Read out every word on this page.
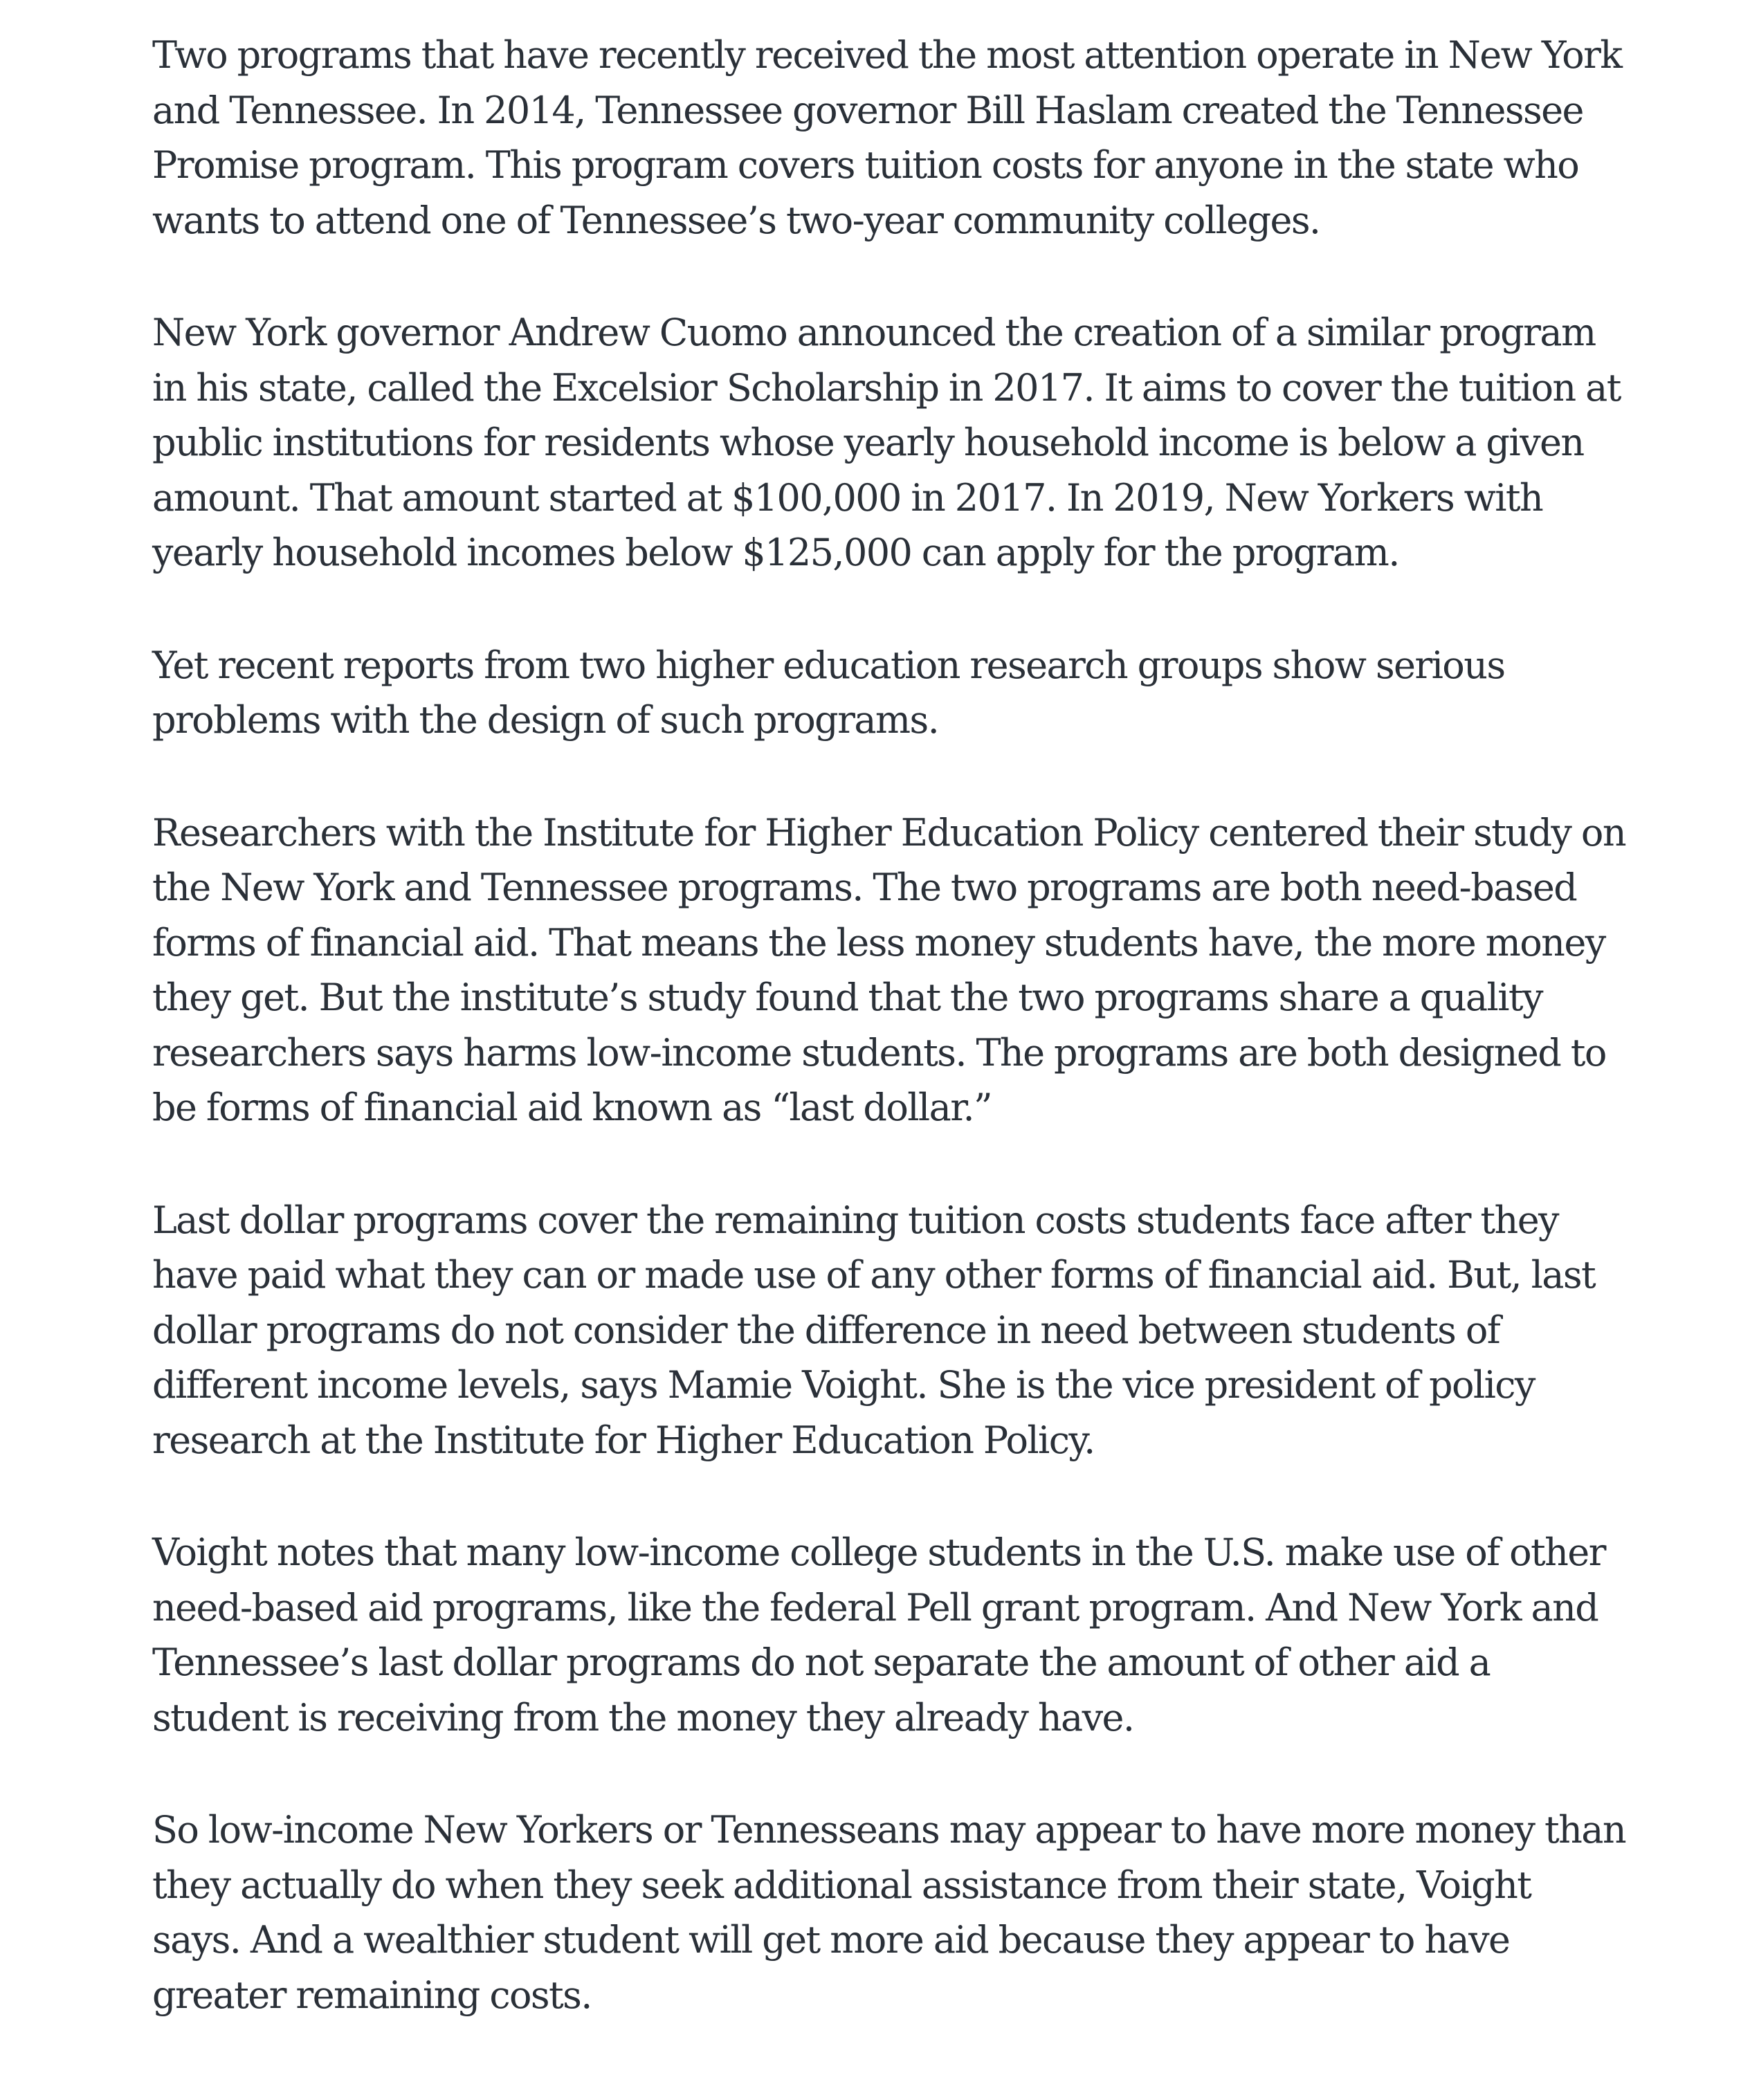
Two programs that have recently received the most attention operate in New York and Tennessee. In 2014, Tennessee governor Bill Haslam created the Tennessee Promise program. This program covers tuition costs for anyone in the state who wants to attend one of Tennessee’s two-year community colleges.

New York governor Andrew Cuomo announced the creation of a similar program in his state, called the Excelsior Scholarship in 2017. It aims to cover the tuition at public institutions for residents whose yearly household income is below a given amount. That amount started at $100,000 in 2017. In 2019, New Yorkers with yearly household incomes below $125,000 can apply for the program.

Yet recent reports from two higher education research groups show serious problems with the design of such programs.

Researchers with the Institute for Higher Education Policy centered their study on the New York and Tennessee programs. The two programs are both need-based forms of financial aid. That means the less money students have, the more money they get. But the institute’s study found that the two programs share a quality researchers says harms low-income students. The programs are both designed to be forms of financial aid known as “last dollar.”

Last dollar programs cover the remaining tuition costs students face after they have paid what they can or made use of any other forms of financial aid. But, last dollar programs do not consider the difference in need between students of different income levels, says Mamie Voight. She is the vice president of policy research at the Institute for Higher Education Policy.

Voight notes that many low-income college students in the U.S. make use of other need-based aid programs, like the federal Pell grant program. And New York and Tennessee’s last dollar programs do not separate the amount of other aid a student is receiving from the money they already have.

So low-income New Yorkers or Tennesseans may appear to have more money than they actually do when they seek additional assistance from their state, Voight says. And a wealthier student will get more aid because they appear to have greater remaining costs.
